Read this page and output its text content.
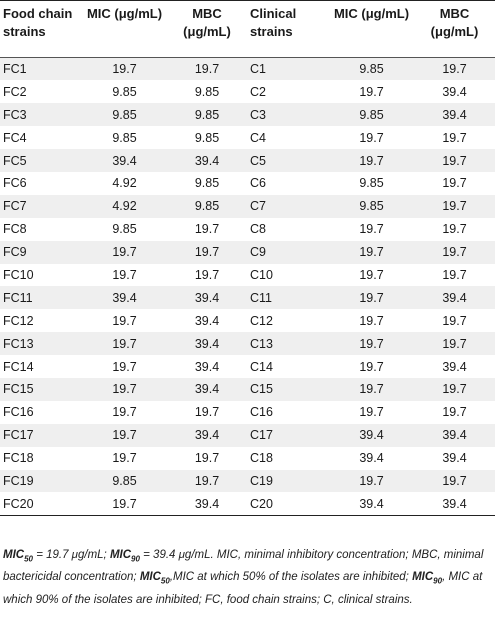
Food chain strains	MIC (μg/mL)	MBC (μg/mL)	Clinical strains	MIC (μg/mL)	MBC (μg/mL)
FC1	19.7	19.7	C1	9.85	19.7
FC2	9.85	9.85	C2	19.7	39.4
FC3	9.85	9.85	C3	9.85	39.4
FC4	9.85	9.85	C4	19.7	19.7
FC5	39.4	39.4	C5	19.7	19.7
FC6	4.92	9.85	C6	9.85	19.7
FC7	4.92	9.85	C7	9.85	19.7
FC8	9.85	19.7	C8	19.7	19.7
FC9	19.7	19.7	C9	19.7	19.7
FC10	19.7	19.7	C10	19.7	19.7
FC11	39.4	39.4	C11	19.7	39.4
FC12	19.7	39.4	C12	19.7	19.7
FC13	19.7	39.4	C13	19.7	19.7
FC14	19.7	39.4	C14	19.7	39.4
FC15	19.7	39.4	C15	19.7	19.7
FC16	19.7	19.7	C16	19.7	19.7
FC17	19.7	39.4	C17	39.4	39.4
FC18	19.7	19.7	C18	39.4	39.4
FC19	9.85	19.7	C19	19.7	19.7
FC20	19.7	39.4	C20	39.4	39.4
$MIC_{50} = 19.7$ μg/mL; $MIC_{90} = 39.4$ μg/mL. MIC, minimal inhibitory concentration; MBC, minimal bactericidal concentration; $MIC_{50},MIC$ at which 50% of the isolates are inhibited; $MIC_{90}$, MIC at which 90% of the isolates are inhibited; FC, food chain strains; C, clinical strains.
